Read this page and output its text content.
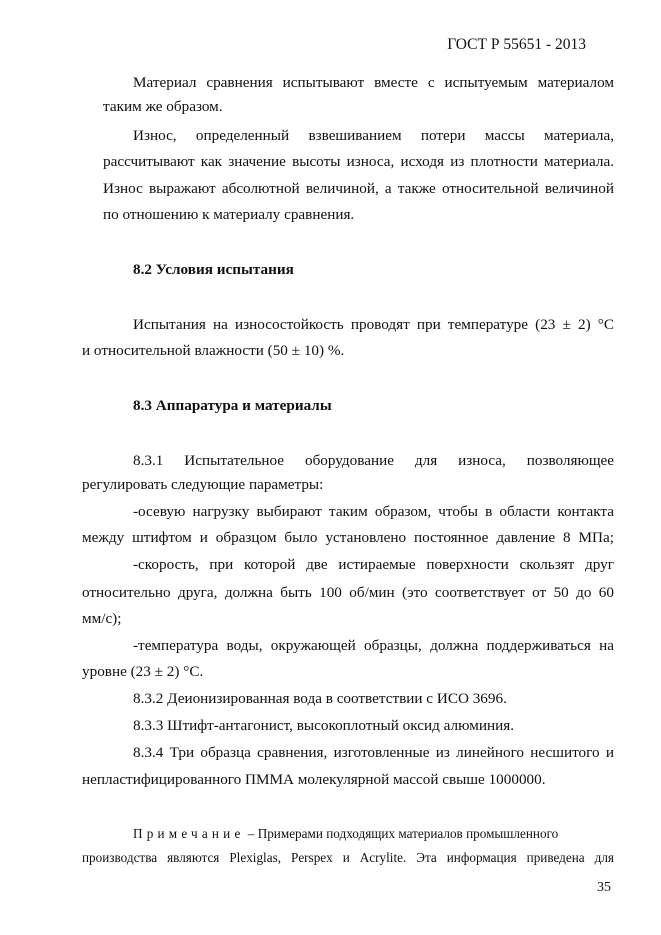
ГОСТ Р 55651 - 2013
Материал сравнения испытывают вместе с испытуемым материалом
таким же образом.
Износ, определенный взвешиванием потери массы материала,
рассчитывают как значение высоты износа, исходя из плотности материала.
Износ выражают абсолютной величиной, а также относительной величиной
по отношению к материалу сравнения.
8.2 Условия испытания
Испытания на износостойкость проводят при температуре (23 ± 2) °С
и относительной влажности (50 ± 10) %.
8.3 Аппаратура и материалы
8.3.1 Испытательное оборудование для износа, позволяющее
регулировать следующие параметры:
-осевую нагрузку выбирают таким образом, чтобы в области контакта
между штифтом и образцом было установлено постоянное давление 8 МПа;
-скорость, при которой две истираемые поверхности скользят друг
относительно друга, должна быть 100 об/мин (это соответствует от 50 до 60
мм/с);
-температура воды, окружающей образцы, должна поддерживаться на
уровне (23 ± 2) °С.
8.3.2 Деионизированная вода в соответствии с ИСО 3696.
8.3.3 Штифт-антагонист, высокоплотный оксид алюминия.
8.3.4 Три образца сравнения, изготовленные из линейного несшитого и
непластифицированного ПММА молекулярной массой свыше 1000000.
Примечание – Примерами подходящих материалов промышленного
производства являются Plexiglas, Perspex и Acrylite. Эта информация приведена для
35
